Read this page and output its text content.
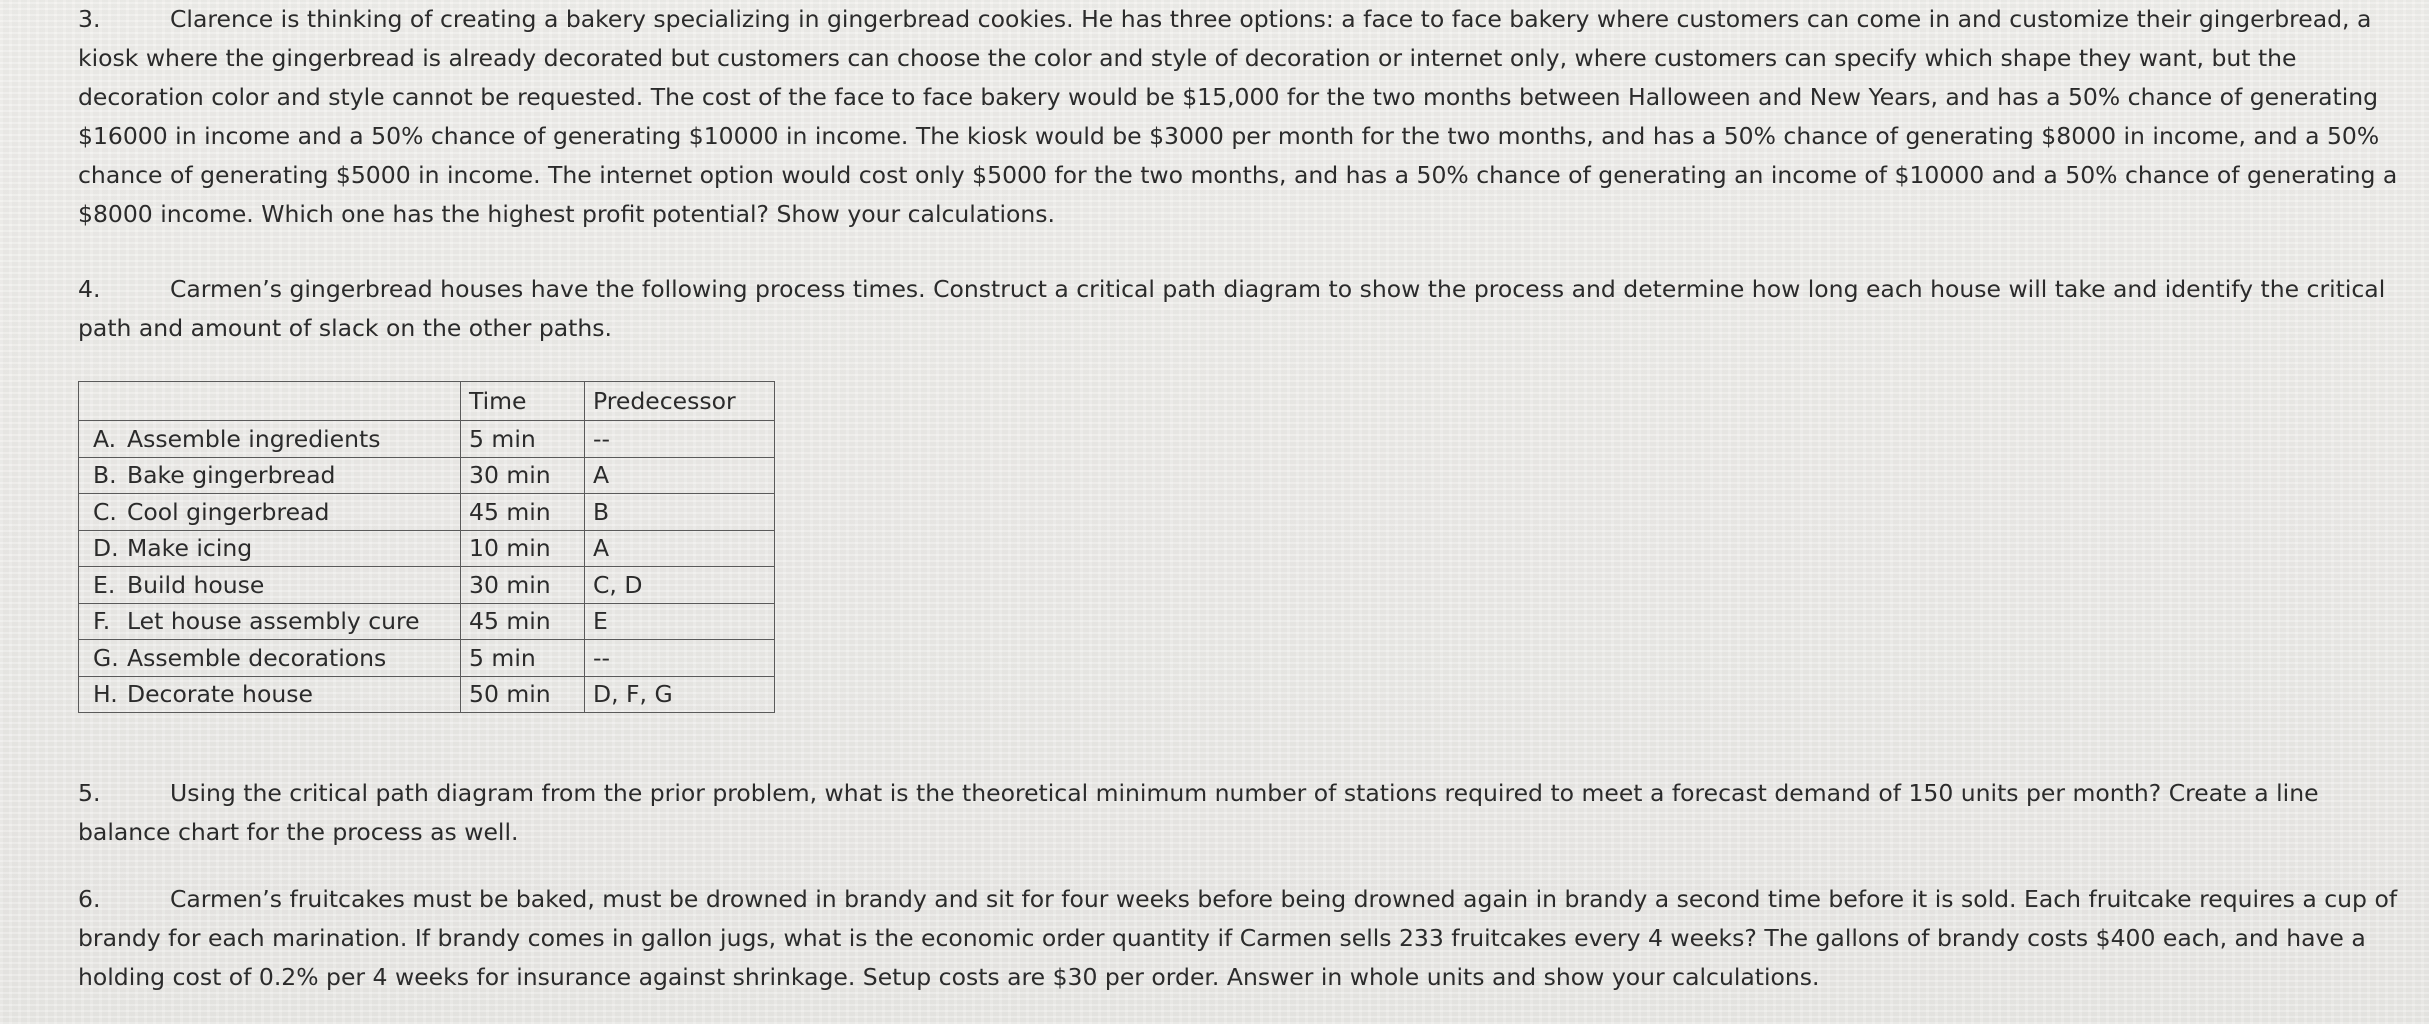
3.	Clarence is thinking of creating a bakery specializing in gingerbread cookies. He has three options: a face to face bakery where customers can come in and customize their gingerbread, a kiosk where the gingerbread is already decorated but customers can choose the color and style of decoration or internet only, where customers can specify which shape they want, but the decoration color and style cannot be requested. The cost of the face to face bakery would be $15,000 for the two months between Halloween and New Years, and has a 50% chance of generating $16000 in income and a 50% chance of generating $10000 in income. The kiosk would be $3000 per month for the two months, and has a 50% chance of generating $8000 in income, and a 50% chance of generating $5000 in income. The internet option would cost only $5000 for the two months, and has a 50% chance of generating an income of $10000 and a 50% chance of generating a $8000 income. Which one has the highest profit potential? Show your calculations.
4.	Carmen’s gingerbread houses have the following process times. Construct a critical path diagram to show the process and determine how long each house will take and identify the critical path and amount of slack on the other paths.
	Time	Predecessor
A. Assemble ingredients	5 min	--
B. Bake gingerbread	30 min	A
C. Cool gingerbread	45 min	B
D. Make icing	10 min	A
E. Build house	30 min	C, D
F. Let house assembly cure	45 min	E
G. Assemble decorations	5 min	--
H. Decorate house	50 min	D, F, G
5.	Using the critical path diagram from the prior problem, what is the theoretical minimum number of stations required to meet a forecast demand of 150 units per month? Create a line balance chart for the process as well.
6.	Carmen’s fruitcakes must be baked, must be drowned in brandy and sit for four weeks before being drowned again in brandy a second time before it is sold. Each fruitcake requires a cup of brandy for each marination. If brandy comes in gallon jugs, what is the economic order quantity if Carmen sells 233 fruitcakes every 4 weeks? The gallons of brandy costs $400 each, and have a holding cost of 0.2% per 4 weeks for insurance against shrinkage. Setup costs are $30 per order. Answer in whole units and show your calculations.
